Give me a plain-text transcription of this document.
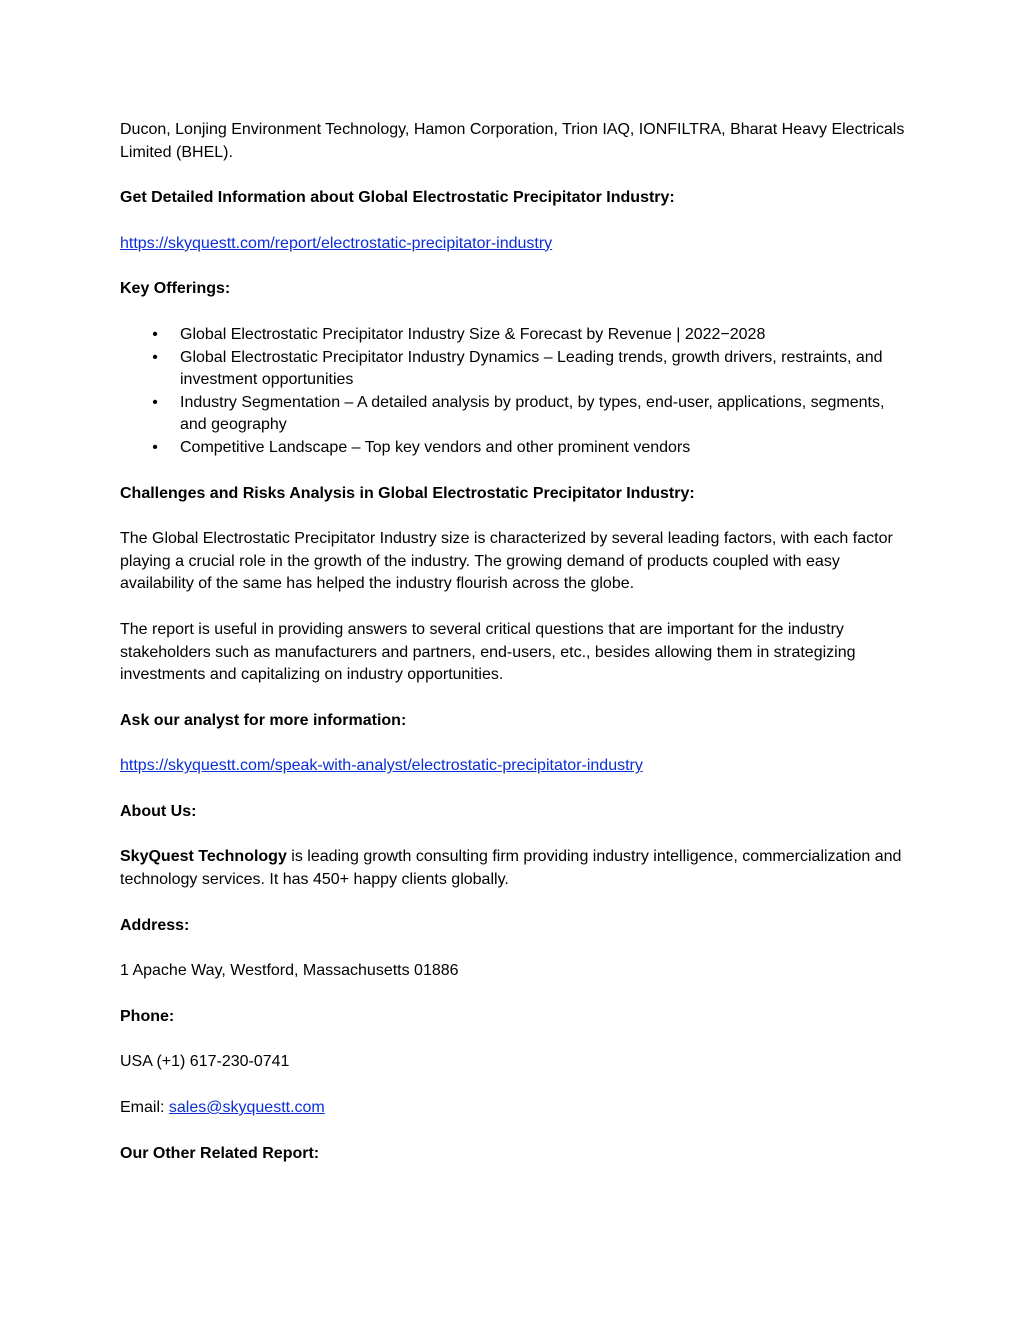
Ducon, Lonjing Environment Technology, Hamon Corporation, Trion IAQ, IONFILTRA, Bharat Heavy Electricals Limited (BHEL).

Get Detailed Information about Global Electrostatic Precipitator Industry:

https://skyquestt.com/report/electrostatic-precipitator-industry

Key Offerings:

• Global Electrostatic Precipitator Industry Size & Forecast by Revenue | 2022−2028
• Global Electrostatic Precipitator Industry Dynamics – Leading trends, growth drivers, restraints, and investment opportunities
• Industry Segmentation – A detailed analysis by product, by types, end-user, applications, segments, and geography
• Competitive Landscape – Top key vendors and other prominent vendors

Challenges and Risks Analysis in Global Electrostatic Precipitator Industry:

The Global Electrostatic Precipitator Industry size is characterized by several leading factors, with each factor playing a crucial role in the growth of the industry. The growing demand of products coupled with easy availability of the same has helped the industry flourish across the globe.

The report is useful in providing answers to several critical questions that are important for the industry stakeholders such as manufacturers and partners, end-users, etc., besides allowing them in strategizing investments and capitalizing on industry opportunities.

Ask our analyst for more information:

https://skyquestt.com/speak-with-analyst/electrostatic-precipitator-industry

About Us:

SkyQuest Technology is leading growth consulting firm providing industry intelligence, commercialization and technology services. It has 450+ happy clients globally.

Address:

1 Apache Way, Westford, Massachusetts 01886

Phone:

USA (+1) 617-230-0741

Email: sales@skyquestt.com

Our Other Related Report:
